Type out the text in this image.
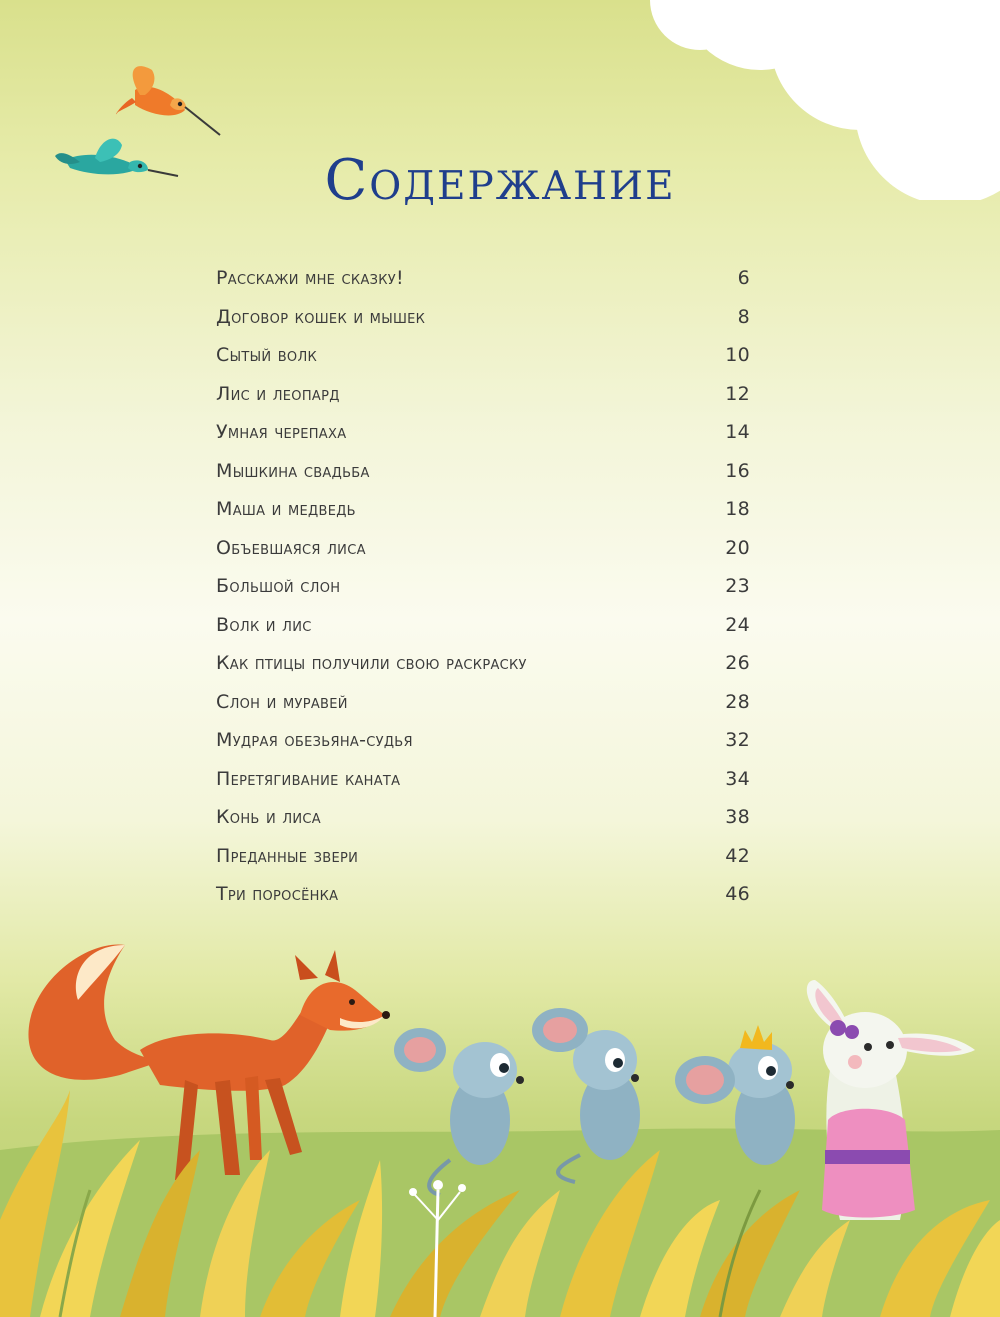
Содержание
Расскажи мне сказку!	6
Договор кошек и мышек	8
Сытый волк	10
Лис и леопард	12
Умная черепаха	14
Мышкина свадьба	16
Маша и медведь	18
Объевшаяся лиса	20
Большой слон	23
Волк и лис	24
Как птицы получили свою раскраску	26
Слон и муравей	28
Мудрая обезьяна-судья	32
Перетягивание каната	34
Конь и лиса	38
Преданные звери	42
Три поросёнка	46
